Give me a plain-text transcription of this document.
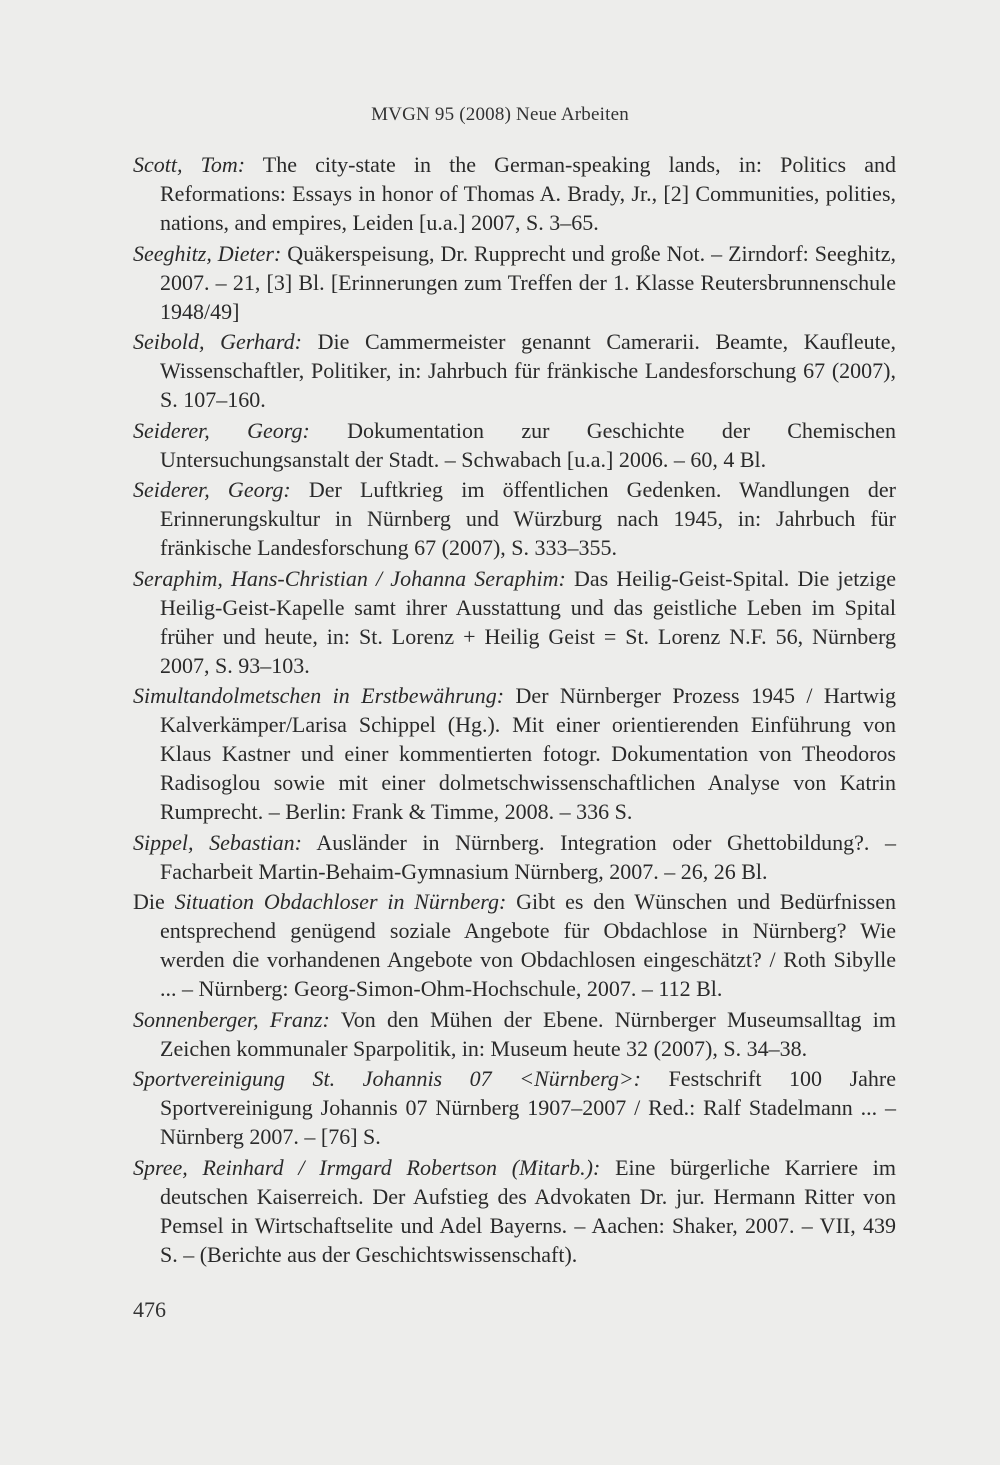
MVGN 95 (2008) Neue Arbeiten

Scott, Tom: The city-state in the German-speaking lands, in: Politics and Reformations: Essays in honor of Thomas A. Brady, Jr., [2] Communities, polities, nations, and empires, Leiden [u.a.] 2007, S. 3–65.

Seeghitz, Dieter: Quäkerspeisung, Dr. Rupprecht und große Not. – Zirndorf: Seeghitz, 2007. – 21, [3] Bl. [Erinnerungen zum Treffen der 1. Klasse Reutersbrunnenschule 1948/49]

Seibold, Gerhard: Die Cammermeister genannt Camerarii. Beamte, Kaufleute, Wissenschaftler, Politiker, in: Jahrbuch für fränkische Landesforschung 67 (2007), S. 107–160.

Seiderer, Georg: Dokumentation zur Geschichte der Chemischen Untersuchungsanstalt der Stadt. – Schwabach [u.a.] 2006. – 60, 4 Bl.

Seiderer, Georg: Der Luftkrieg im öffentlichen Gedenken. Wandlungen der Erinnerungskultur in Nürnberg und Würzburg nach 1945, in: Jahrbuch für fränkische Landesforschung 67 (2007), S. 333–355.

Seraphim, Hans-Christian / Johanna Seraphim: Das Heilig-Geist-Spital. Die jetzige Heilig-Geist-Kapelle samt ihrer Ausstattung und das geistliche Leben im Spital früher und heute, in: St. Lorenz + Heilig Geist = St. Lorenz N.F. 56, Nürnberg 2007, S. 93–103.

Simultandolmetschen in Erstbewährung: Der Nürnberger Prozess 1945 / Hartwig Kalverkämper/Larisa Schippel (Hg.). Mit einer orientierenden Einführung von Klaus Kastner und einer kommentierten fotogr. Dokumentation von Theodoros Radisoglou sowie mit einer dolmetschwissenschaftlichen Analyse von Katrin Rumprecht. – Berlin: Frank & Timme, 2008. – 336 S.

Sippel, Sebastian: Ausländer in Nürnberg. Integration oder Ghettobildung?. – Facharbeit Martin-Behaim-Gymnasium Nürnberg, 2007. – 26, 26 Bl.

Die Situation Obdachloser in Nürnberg: Gibt es den Wünschen und Bedürfnissen entsprechend genügend soziale Angebote für Obdachlose in Nürnberg? Wie werden die vorhandenen Angebote von Obdachlosen eingeschätzt? / Roth Sibylle ... – Nürnberg: Georg-Simon-Ohm-Hochschule, 2007. – 112 Bl.

Sonnenberger, Franz: Von den Mühen der Ebene. Nürnberger Museumsalltag im Zeichen kommunaler Sparpolitik, in: Museum heute 32 (2007), S. 34–38.

Sportvereinigung St. Johannis 07 <Nürnberg>: Festschrift 100 Jahre Sportvereinigung Johannis 07 Nürnberg 1907–2007 / Red.: Ralf Stadelmann ... – Nürnberg 2007. – [76] S.

Spree, Reinhard / Irmgard Robertson (Mitarb.): Eine bürgerliche Karriere im deutschen Kaiserreich. Der Aufstieg des Advokaten Dr. jur. Hermann Ritter von Pemsel in Wirtschaftselite und Adel Bayerns. – Aachen: Shaker, 2007. – VII, 439 S. – (Berichte aus der Geschichtswissenschaft).

476
